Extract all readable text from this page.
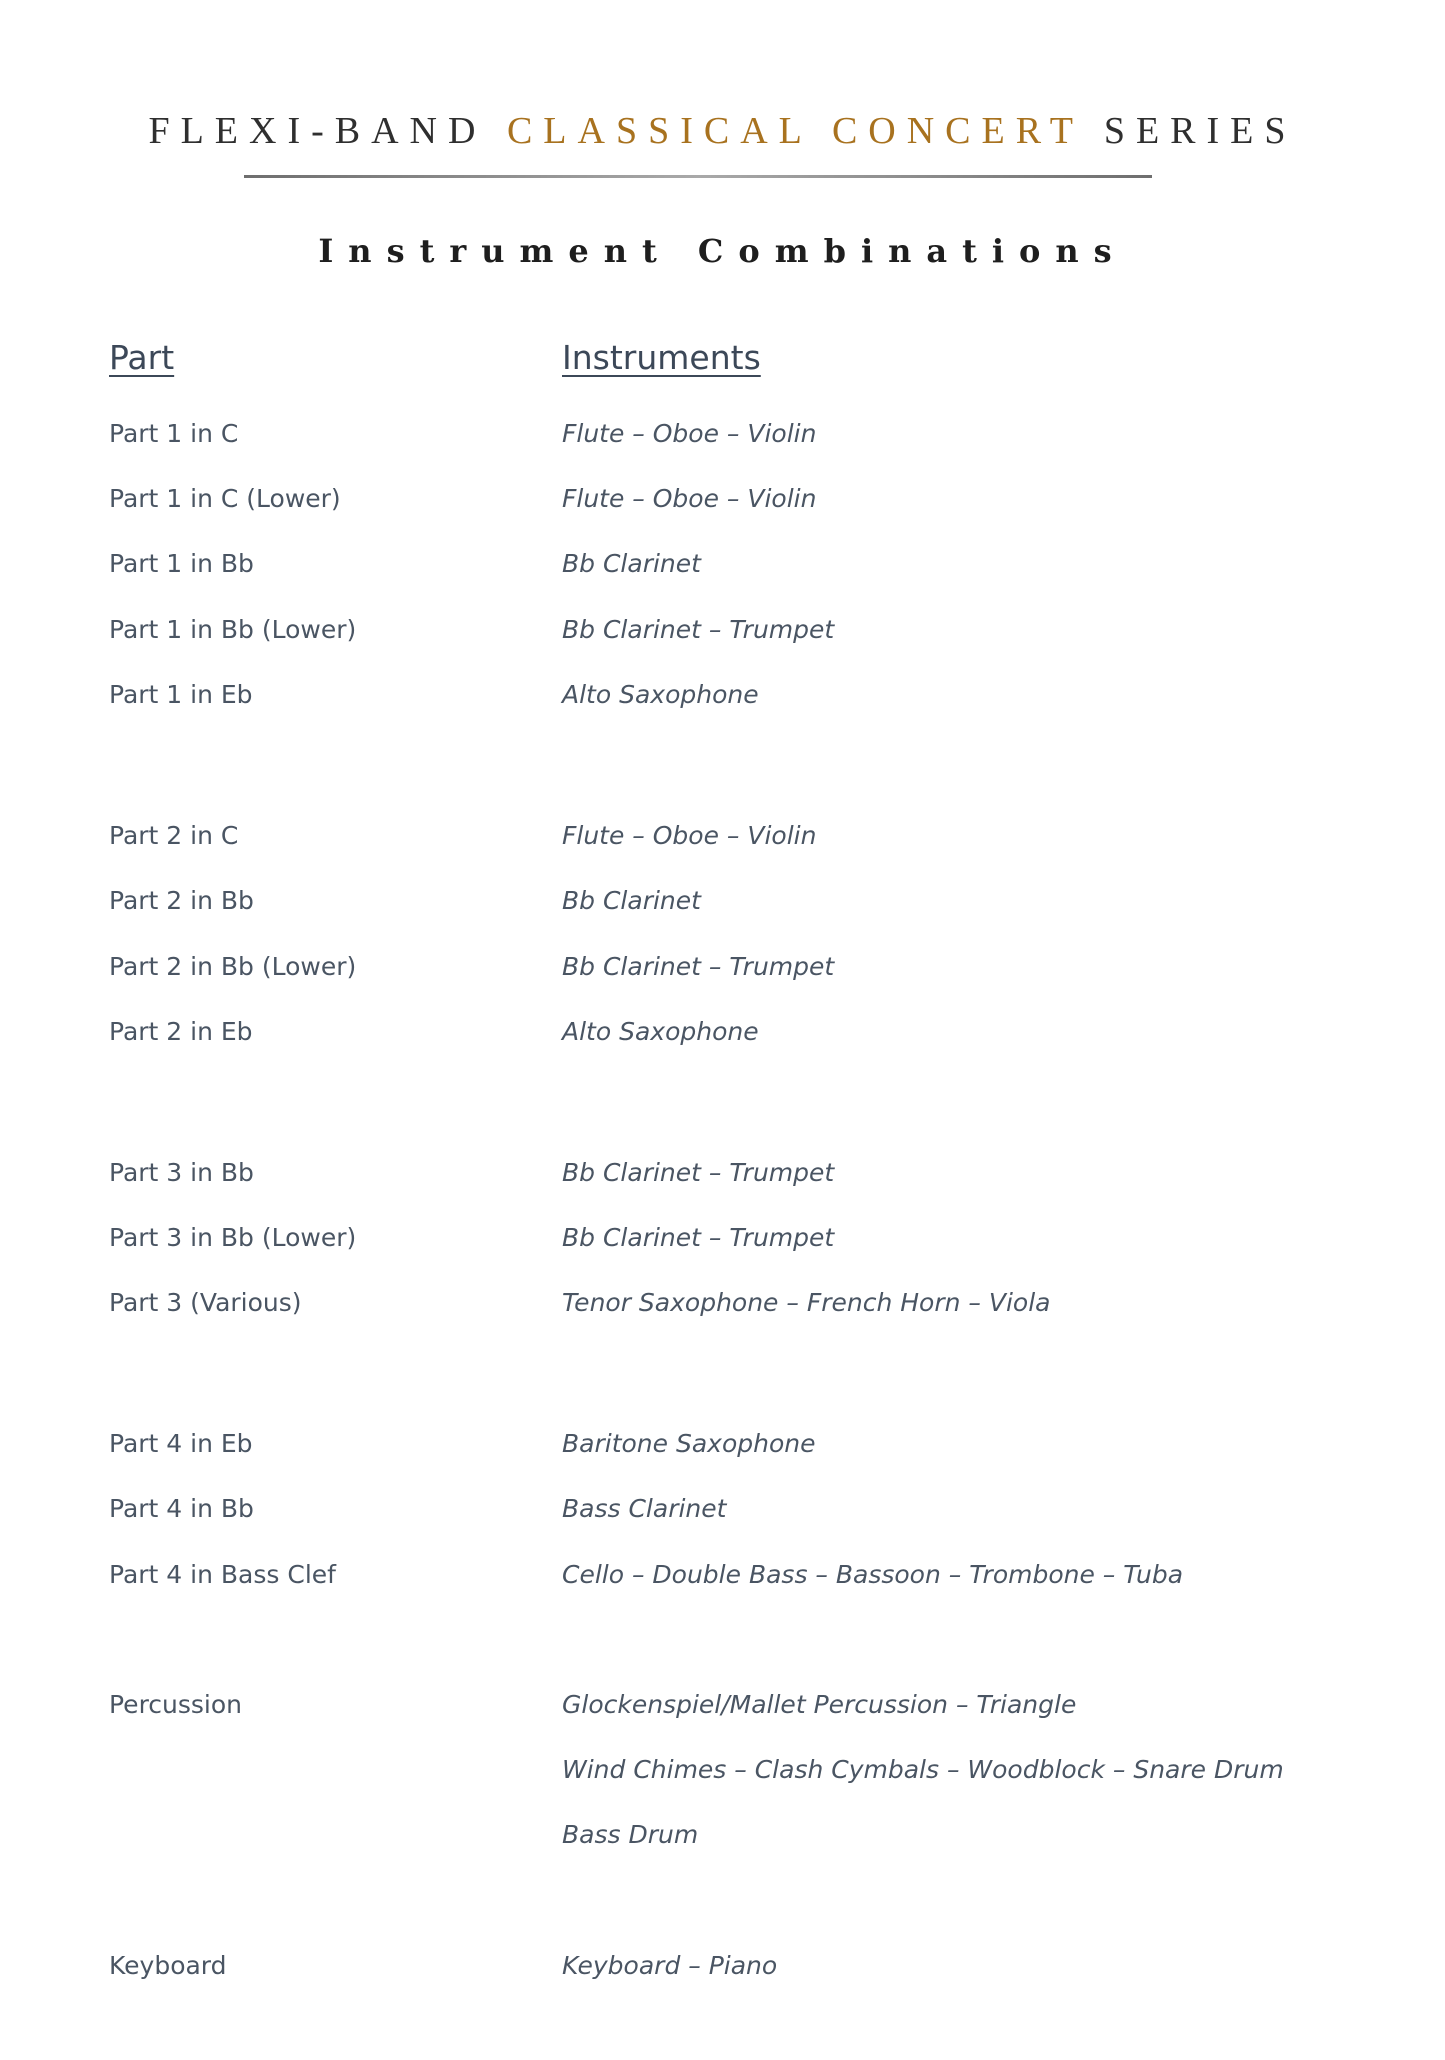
FLEXI-BAND CLASSICAL CONCERT SERIES
Instrument Combinations
Part	Instruments
Part 1 in C	Flute – Oboe – Violin
Part 1 in C (Lower)	Flute – Oboe – Violin
Part 1 in Bb	Bb Clarinet
Part 1 in Bb (Lower)	Bb Clarinet – Trumpet
Part 1 in Eb	Alto Saxophone
Part 2 in C	Flute – Oboe – Violin
Part 2 in Bb	Bb Clarinet
Part 2 in Bb (Lower)	Bb Clarinet – Trumpet
Part 2 in Eb	Alto Saxophone
Part 3 in Bb	Bb Clarinet – Trumpet
Part 3 in Bb (Lower)	Bb Clarinet – Trumpet
Part 3 (Various)	Tenor Saxophone – French Horn – Viola
Part 4 in Eb	Baritone Saxophone
Part 4 in Bb	Bass Clarinet
Part 4 in Bass Clef	Cello – Double Bass – Bassoon – Trombone – Tuba
Percussion	Glockenspiel/Mallet Percussion – Triangle
Wind Chimes – Clash Cymbals – Woodblock – Snare Drum
Bass Drum
Keyboard	Keyboard – Piano
